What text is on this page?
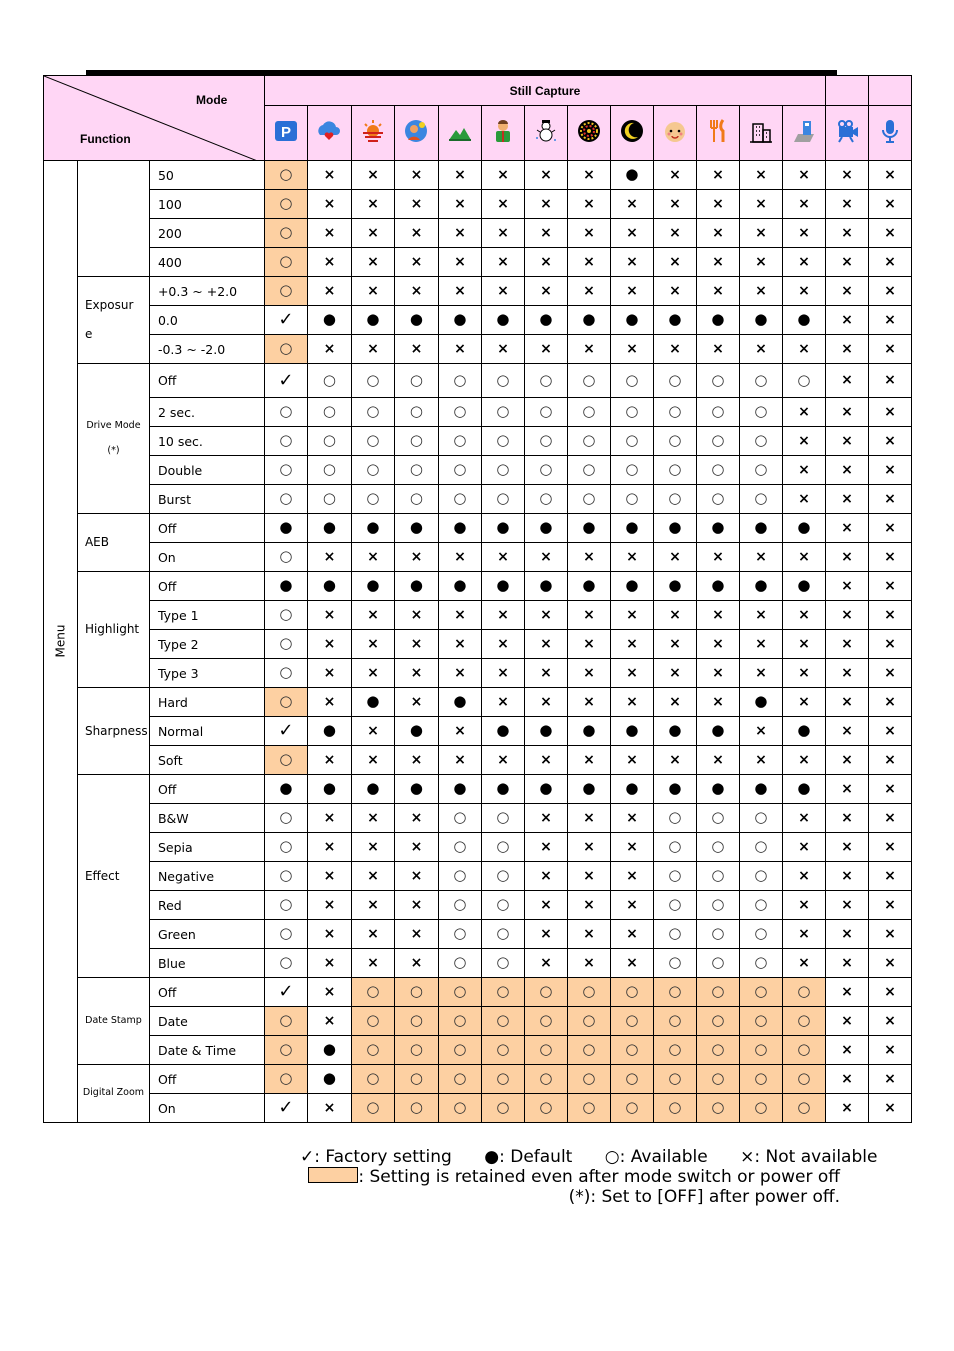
Mode
Function			Still Capture														

P

Menu		50	○	×	×	×	×	×	×	×	●	×	×	×	×	×	×
		100	○	×	×	×	×	×	×	×	×	×	×	×	×	×	×
		200	○	×	×	×	×	×	×	×	×	×	×	×	×	×	×
		400	○	×	×	×	×	×	×	×	×	×	×	×	×	×	×
	Exposur
e	+0.3 ~ +2.0	○	×	×	×	×	×	×	×	×	×	×	×	×	×	×
		0.0	✓	●	●	●	●	●	●	●	●	●	●	●	●	×	×
		-0.3 ~ -2.0	○	×	×	×	×	×	×	×	×	×	×	×	×	×	×
	Drive Mode
(*)	Off	✓	○	○	○	○	○	○	○	○	○	○	○	○	×	×
		2 sec.	○	○	○	○	○	○	○	○	○	○	○	○	×	×	×
		10 sec.	○	○	○	○	○	○	○	○	○	○	○	○	×	×	×
		Double	○	○	○	○	○	○	○	○	○	○	○	○	×	×	×
		Burst	○	○	○	○	○	○	○	○	○	○	○	○	×	×	×
	AEB	Off	●	●	●	●	●	●	●	●	●	●	●	●	●	×	×
		On	○	×	×	×	×	×	×	×	×	×	×	×	×	×	×
	Highlight	Off	●	●	●	●	●	●	●	●	●	●	●	●	●	×	×
		Type 1	○	×	×	×	×	×	×	×	×	×	×	×	×	×	×
		Type 2	○	×	×	×	×	×	×	×	×	×	×	×	×	×	×
		Type 3	○	×	×	×	×	×	×	×	×	×	×	×	×	×	×
	Sharpness	Hard	○	×	●	×	●	×	×	×	×	×	×	●	×	×	×
		Normal	✓	●	×	●	×	●	●	●	●	●	●	×	●	×	×
		Soft	○	×	×	×	×	×	×	×	×	×	×	×	×	×	×
	Effect	Off	●	●	●	●	●	●	●	●	●	●	●	●	●	×	×
		B&W	○	×	×	×	○	○	×	×	×	○	○	○	×	×	×
		Sepia	○	×	×	×	○	○	×	×	×	○	○	○	×	×	×
		Negative	○	×	×	×	○	○	×	×	×	○	○	○	×	×	×
		Red	○	×	×	×	○	○	×	×	×	○	○	○	×	×	×
		Green	○	×	×	×	○	○	×	×	×	○	○	○	×	×	×
		Blue	○	×	×	×	○	○	×	×	×	○	○	○	×	×	×
	Date Stamp	Off	✓	×	○	○	○	○	○	○	○	○	○	○	○	×	×
		Date	○	×	○	○	○	○	○	○	○	○	○	○	○	×	×
		Date & Time	○	●	○	○	○	○	○	○	○	○	○	○	○	×	×
	Digital Zoom	Off	○	●	○	○	○	○	○	○	○	○	○	○	○	×	×
		On	✓	×	○	○	○	○	○	○	○	○	○	○	○	×	×
✓: Factory setting ●: Default ○: Available ×: Not available
: Setting is retained even after mode switch or power off
(*): Set to [OFF] after power off.
